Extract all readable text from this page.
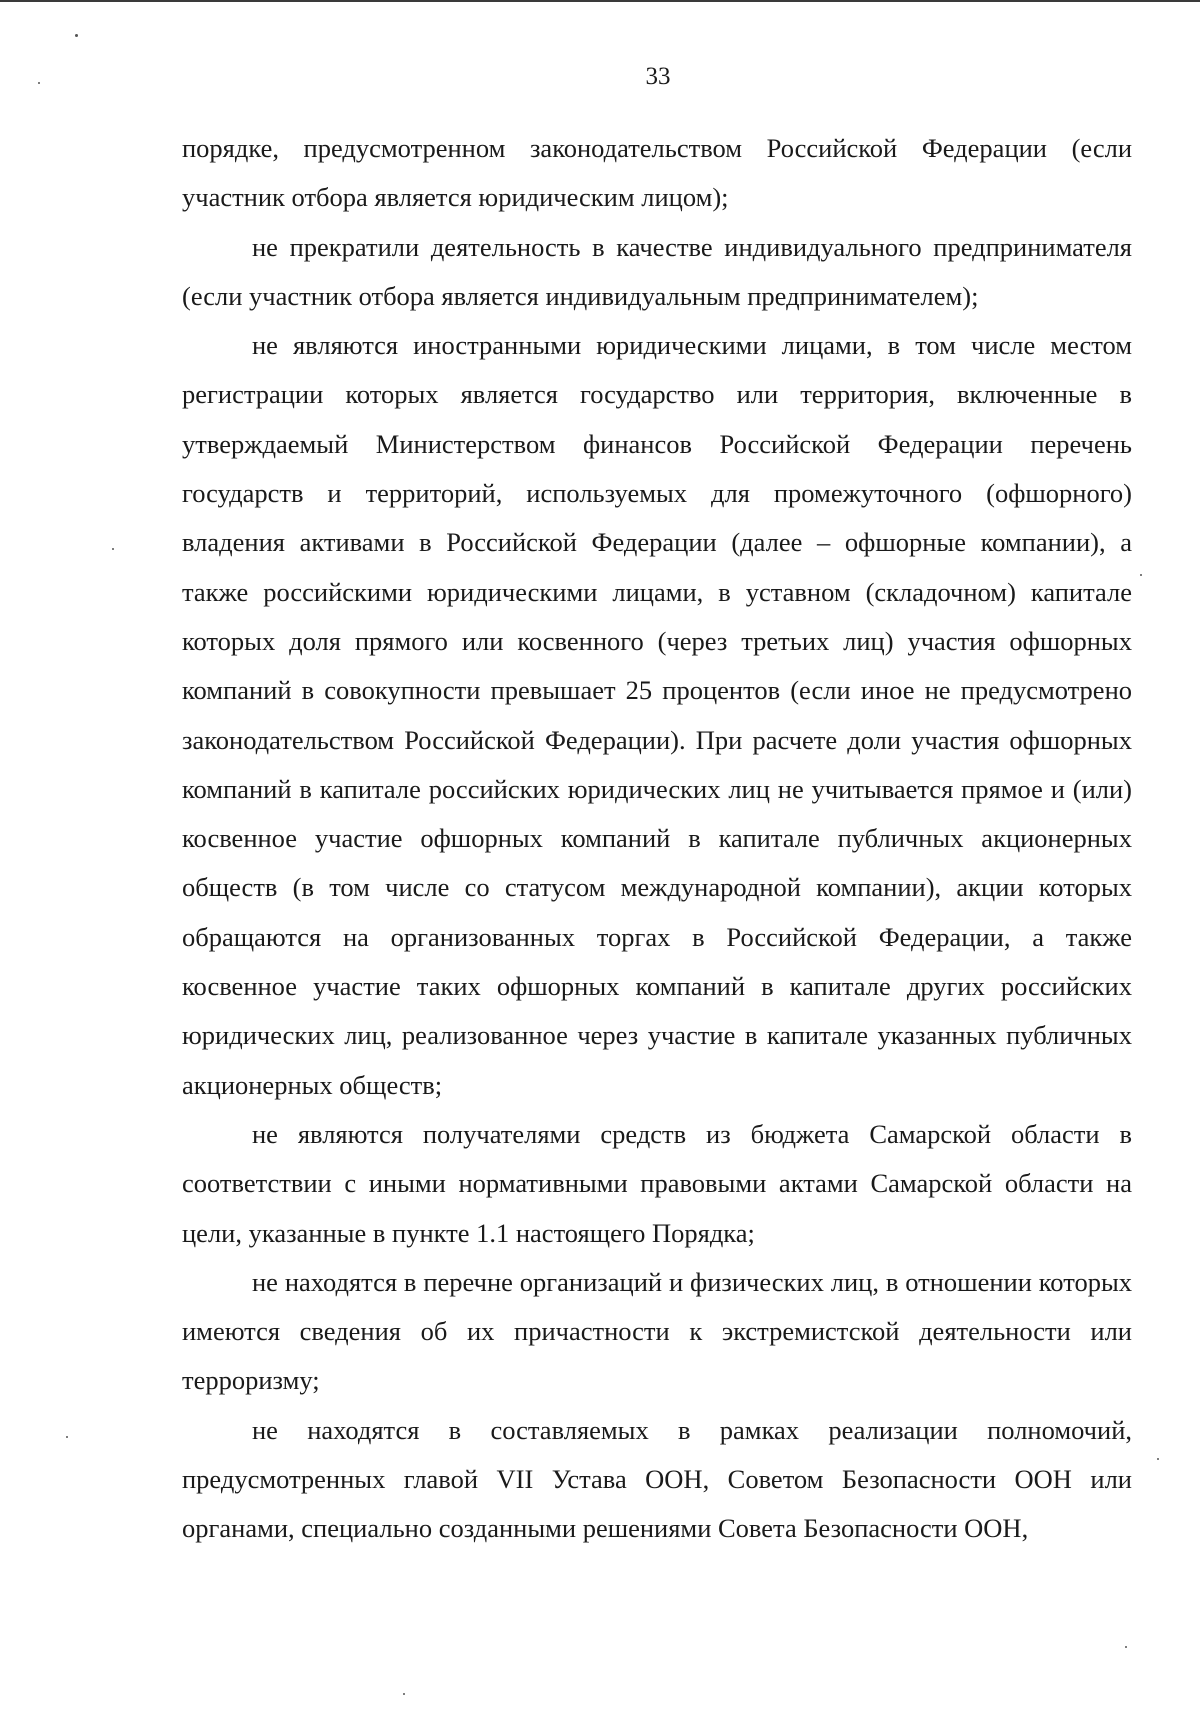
33

порядке, предусмотренном законодательством Российской Федерации (если участник отбора является юридическим лицом);

не прекратили деятельность в качестве индивидуального предпринимателя (если участник отбора является индивидуальным предпринимателем);

не являются иностранными юридическими лицами, в том числе местом регистрации которых является государство или территория, включенные в утверждаемый Министерством финансов Российской Федерации перечень государств и территорий, используемых для промежуточного (офшорного) владения активами в Российской Федерации (далее – офшорные компании), а также российскими юридическими лицами, в уставном (складочном) капитале которых доля прямого или косвенного (через третьих лиц) участия офшорных компаний в совокупности превышает 25 процентов (если иное не предусмотрено законодательством Российской Федерации). При расчете доли участия офшорных компаний в капитале российских юридических лиц не учитывается прямое и (или) косвенное участие офшорных компаний в капитале публичных акционерных обществ (в том числе со статусом международной компании), акции которых обращаются на организованных торгах в Российской Федерации, а также косвенное участие таких офшорных компаний в капитале других российских юридических лиц, реализованное через участие в капитале указанных публичных акционерных обществ;

не являются получателями средств из бюджета Самарской области в соответствии с иными нормативными правовыми актами Самарской области на цели, указанные в пункте 1.1 настоящего Порядка;

не находятся в перечне организаций и физических лиц, в отношении которых имеются сведения об их причастности к экстремистской деятельности или терроризму;

не находятся в составляемых в рамках реализации полномочий, предусмотренных главой VII Устава ООН, Советом Безопасности ООН или органами, специально созданными решениями Совета Безопасности ООН,
